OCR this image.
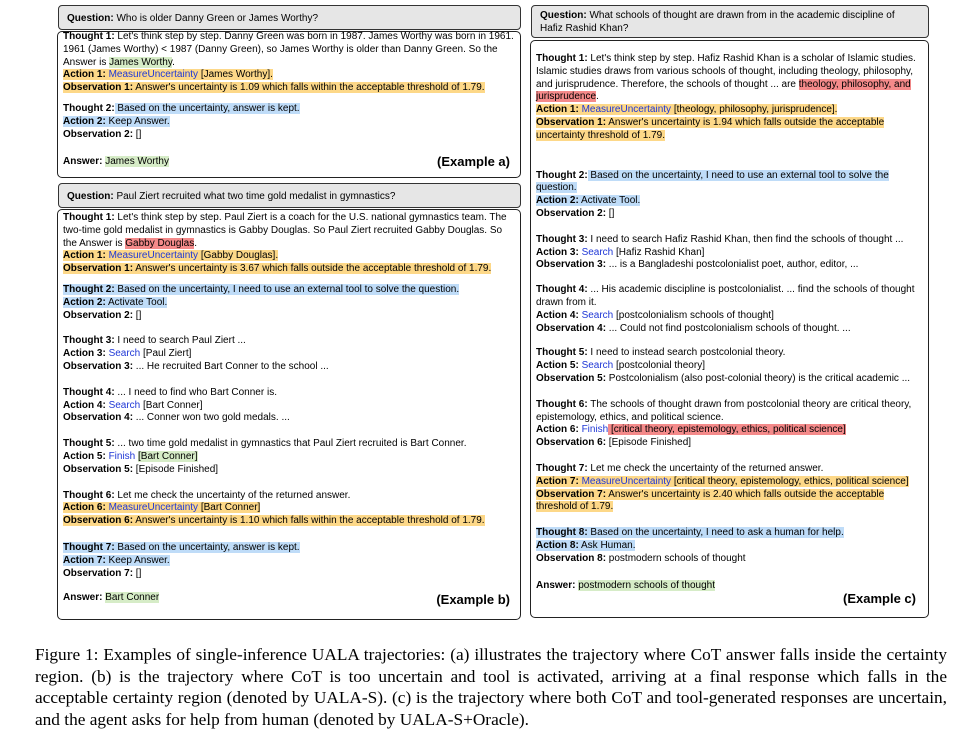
Question: Who is older Danny Green or James Worthy?
Thought 1: Let's think step by step. Danny Green was born in 1987. James Worthy was born in 1961. 1961 (James Worthy) < 1987 (Danny Green), so James Worthy is older than Danny Green. So the Answer is James Worthy.
Action 1: MeasureUncertainty [James Worthy].
Observation 1: Answer's uncertainty is 1.09 which falls within the acceptable threshold of 1.79.
Thought 2: Based on the uncertainty, answer is kept.
Action 2: Keep Answer.
Observation 2: []
Answer: James Worthy	(Example a)
Question: Paul Ziert recruited what two time gold medalist in gymnastics?
Thought 1: Let's think step by step. Paul Ziert is a coach for the U.S. national gymnastics team. The two-time gold medalist in gymnastics is Gabby Douglas. So Paul Ziert recruited Gabby Douglas. So the Answer is Gabby Douglas.
Action 1: MeasureUncertainty [Gabby Douglas].
Observation 1: Answer's uncertainty is 3.67 which falls outside the acceptable threshold of 1.79.
Thought 2: Based on the uncertainty, I need to use an external tool to solve the question.
Action 2: Activate Tool.
Observation 2: []
Thought 3: I need to search Paul Ziert ...
Action 3: Search [Paul Ziert]
Observation 3: ... He recruited Bart Conner to the school ...
Thought 4: ... I need to find who Bart Conner is.
Action 4: Search [Bart Conner]
Observation 4: ... Conner won two gold medals. ...
Thought 5: ... two time gold medalist in gymnastics that Paul Ziert recruited is Bart Conner.
Action 5: Finish [Bart Conner]
Observation 5: [Episode Finished]
Thought 6: Let me check the uncertainty of the returned answer.
Action 6: MeasureUncertainty [Bart Conner]
Observation 6: Answer's uncertainty is 1.10 which falls within the acceptable threshold of 1.79.
Thought 7: Based on the uncertainty, answer is kept.
Action 7: Keep Answer.
Observation 7: []
Answer: Bart Conner	(Example b)
Question: What schools of thought are drawn from in the academic discipline of Hafiz Rashid Khan?
Thought 1: Let's think step by step. Hafiz Rashid Khan is a scholar of Islamic studies. Islamic studies draws from various schools of thought, including theology, philosophy, and jurisprudence. Therefore, the schools of thought ... are theology, philosophy, and jurisprudence.
Action 1: MeasureUncertainty [theology, philosophy, jurisprudence].
Observation 1: Answer's uncertainty is 1.94 which falls outside the acceptable uncertainty threshold of 1.79.
Thought 2: Based on the uncertainty, I need to use an external tool to solve the question.
Action 2: Activate Tool.
Observation 2: []
Thought 3: I need to search Hafiz Rashid Khan, then find the schools of thought ...
Action 3: Search [Hafiz Rashid Khan]
Observation 3: ... is a Bangladeshi postcolonialist poet, author, editor, ...
Thought 4: ... His academic discipline is postcolonialist. ... find the schools of thought drawn from it.
Action 4: Search [postcolonialism schools of thought]
Observation 4: ... Could not find postcolonialism schools of thought. ...
Thought 5: I need to instead search postcolonial theory.
Action 5: Search [postcolonial theory]
Observation 5: Postcolonialism (also post-colonial theory) is the critical academic ...
Thought 6: The schools of thought drawn from postcolonial theory are critical theory, epistemology, ethics, and political science.
Action 6: Finish [critical theory, epistemology, ethics, political science]
Observation 6: [Episode Finished]
Thought 7: Let me check the uncertainty of the returned answer.
Action 7: MeasureUncertainty [critical theory, epistemology, ethics, political science]
Observation 7: Answer's uncertainty is 2.40 which falls outside the acceptable threshold of 1.79.
Thought 8: Based on the uncertainty, I need to ask a human for help.
Action 8: Ask Human.
Observation 8: postmodern schools of thought
Answer: postmodern schools of thought
(Example c)
Figure 1: Examples of single-inference UALA trajectories: (a) illustrates the trajectory where CoT answer falls inside the certainty region. (b) is the trajectory where CoT is too uncertain and tool is activated, arriving at a final response which falls in the acceptable certainty region (denoted by UALA-S). (c) is the trajectory where both CoT and tool-generated responses are uncertain, and the agent asks for help from human (denoted by UALA-S+Oracle).
